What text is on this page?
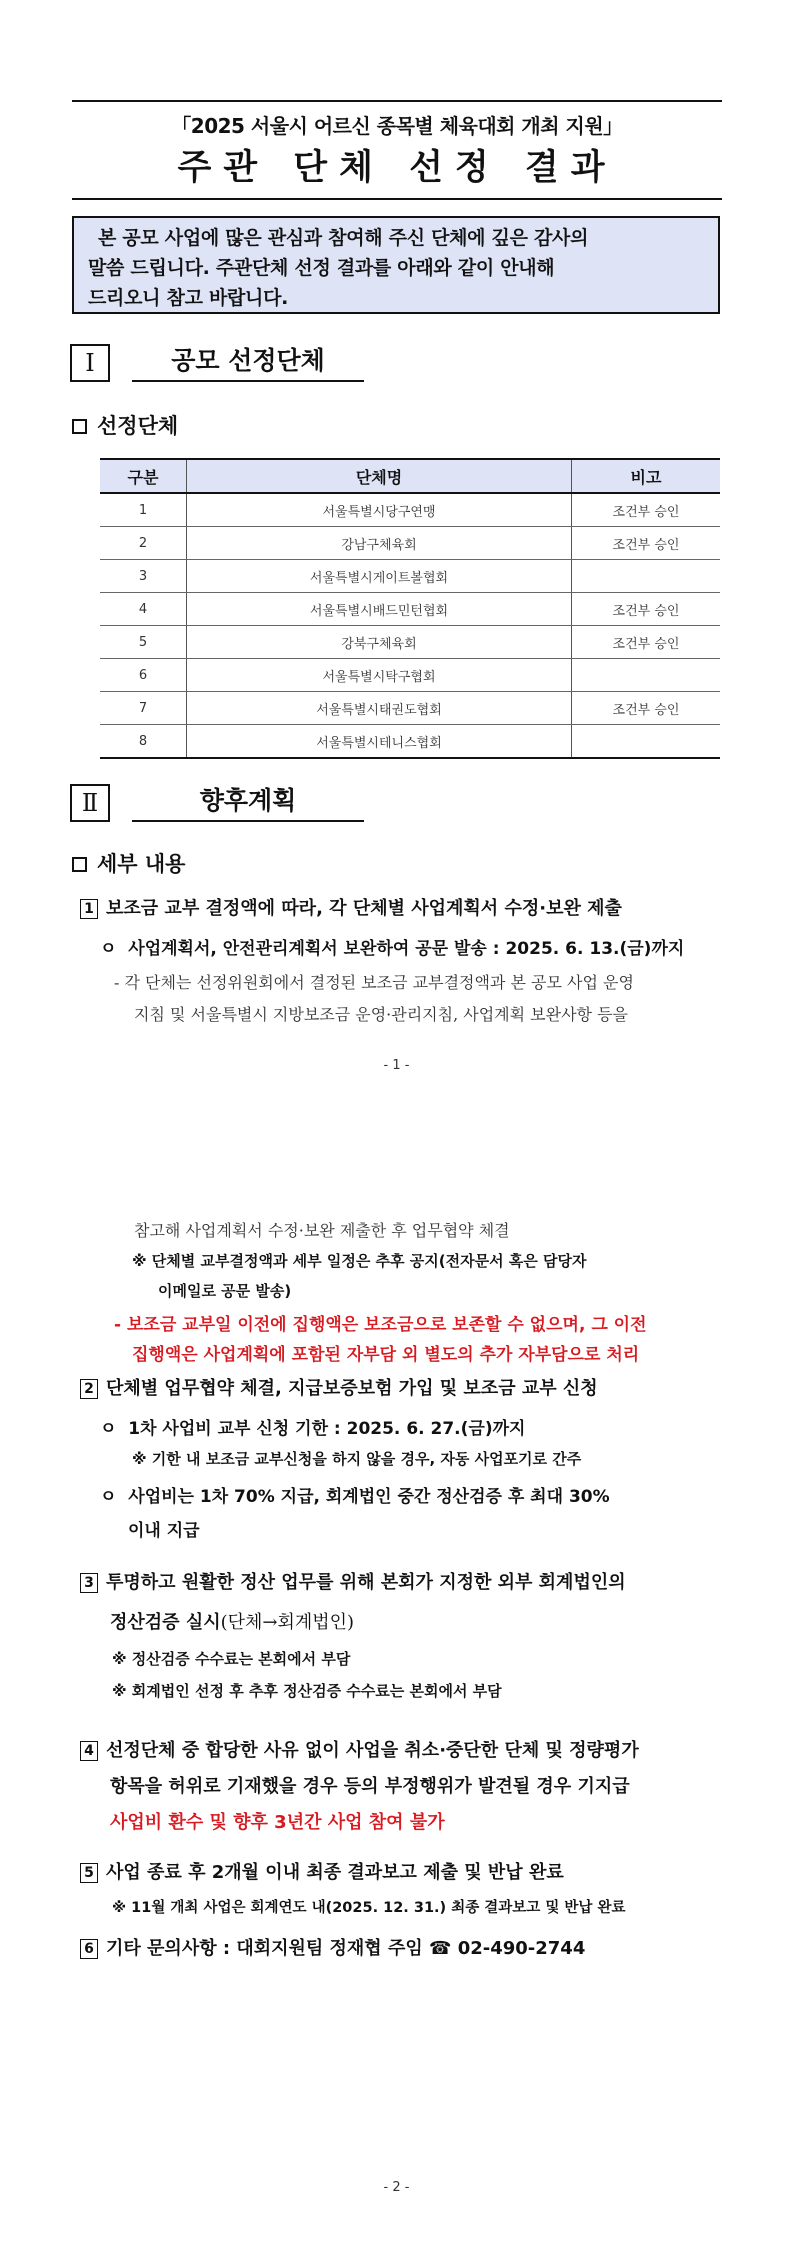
「2025 서울시 어르신 종목별 체육대회 개최 지원」
주관 단체 선정 결과
본 공모 사업에 많은 관심과 참여해 주신 단체에 깊은 감사의
말씀 드립니다. 주관단체 선정 결과를 아래와 같이 안내해
드리오니 참고 바랍니다.
Ⅰ	공모 선정단체
선정단체
구분	단체명	비고
1	서울특별시당구연맹	조건부 승인
2	강남구체육회	조건부 승인
3	서울특별시게이트볼협회	
4	서울특별시배드민턴협회	조건부 승인
5	강북구체육회	조건부 승인
6	서울특별시탁구협회	
7	서울특별시태권도협회	조건부 승인
8	서울특별시테니스협회	
Ⅱ	향후계획
세부 내용
1 보조금 교부 결정액에 따라, 각 단체별 사업계획서 수정·보완 제출
ㅇ  사업계획서, 안전관리계획서 보완하여 공문 발송 : 2025. 6. 13.(금)까지
- 각 단체는 선정위원회에서 결정된 보조금 교부결정액과 본 공모 사업 운영
지침 및 서울특별시 지방보조금 운영·관리지침, 사업계획 보완사항 등을
- 1 -
참고해 사업계획서 수정·보완 제출한 후 업무협약 체결
※ 단체별 교부결정액과 세부 일정은 추후 공지(전자문서 혹은 담당자
이메일로 공문 발송)
- 보조금 교부일 이전에 집행액은 보조금으로 보존할 수 없으며, 그 이전
집행액은 사업계획에 포함된 자부담 외 별도의 추가 자부담으로 처리
2 단체별 업무협약 체결, 지급보증보험 가입 및 보조금 교부 신청
ㅇ  1차 사업비 교부 신청 기한 : 2025. 6. 27.(금)까지
※ 기한 내 보조금 교부신청을 하지 않을 경우, 자동 사업포기로 간주
ㅇ  사업비는 1차 70% 지급, 회계법인 중간 정산검증 후 최대 30%
이내 지급
3 투명하고 원활한 정산 업무를 위해 본회가 지정한 외부 회계법인의
정산검증 실시(단체→회계법인)
※ 정산검증 수수료는 본회에서 부담
※ 회계법인 선정 후 추후 정산검증 수수료는 본회에서 부담
4 선정단체 중 합당한 사유 없이 사업을 취소·중단한 단체 및 정량평가
항목을 허위로 기재했을 경우 등의 부정행위가 발견될 경우 기지급
사업비 환수 및 향후 3년간 사업 참여 불가
5 사업 종료 후 2개월 이내 최종 결과보고 제출 및 반납 완료
※ 11월 개최 사업은 회계연도 내(2025. 12. 31.) 최종 결과보고 및 반납 완료
6 기타 문의사항 : 대회지원팀 정재협 주임 ☎ 02-490-2744
- 2 -
